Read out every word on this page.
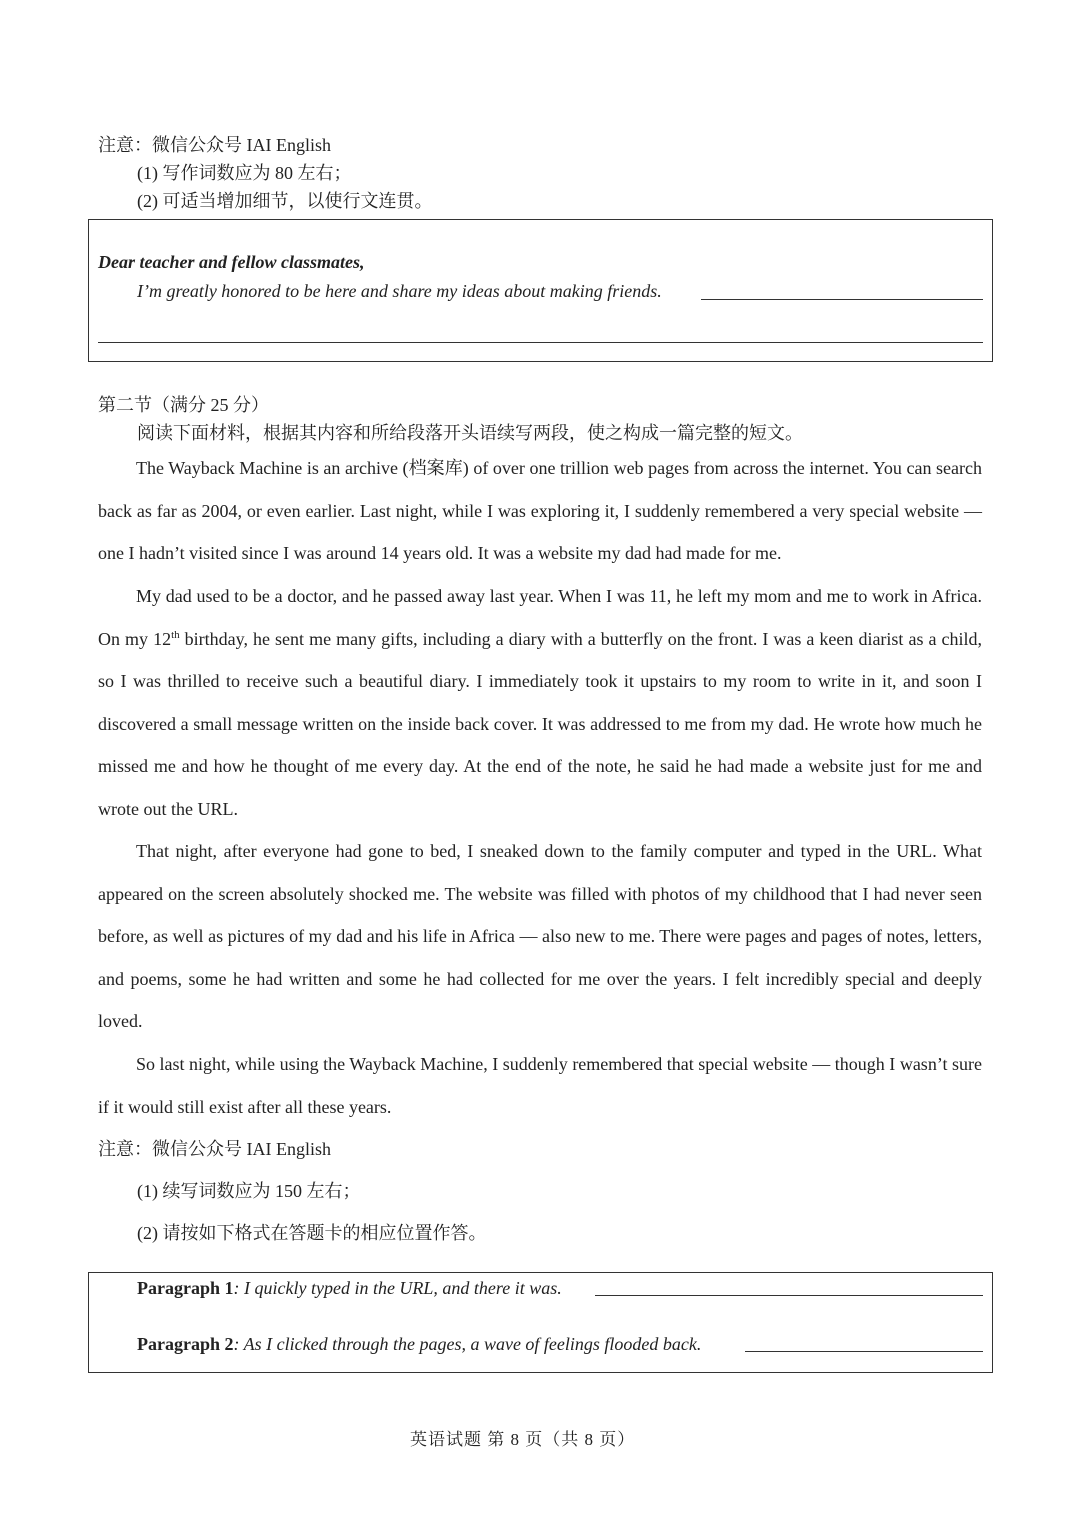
注意：微信公众号 IAI English
(1) 写作词数应为 80 左右；
(2) 可适当增加细节，以使行文连贯。
Dear teacher and fellow classmates,
I’m greatly honored to be here and share my ideas about making friends.
第二节（满分 25 分）
阅读下面材料，根据其内容和所给段落开头语续写两段，使之构成一篇完整的短文。

The Wayback Machine is an archive (档案库) of over one trillion web pages from across the internet. You can search back as far as 2004, or even earlier. Last night, while I was exploring it, I suddenly remembered a very special website — one I hadn’t visited since I was around 14 years old. It was a website my dad had made for me.

My dad used to be a doctor, and he passed away last year. When I was 11, he left my mom and me to work in Africa. On my 12th birthday, he sent me many gifts, including a diary with a butterfly on the front. I was a keen diarist as a child, so I was thrilled to receive such a beautiful diary. I immediately took it upstairs to my room to write in it, and soon I discovered a small message written on the inside back cover. It was addressed to me from my dad. He wrote how much he missed me and how he thought of me every day. At the end of the note, he said he had made a website just for me and wrote out the URL.

That night, after everyone had gone to bed, I sneaked down to the family computer and typed in the URL. What appeared on the screen absolutely shocked me. The website was filled with photos of my childhood that I had never seen before, as well as pictures of my dad and his life in Africa — also new to me. There were pages and pages of notes, letters, and poems, some he had written and some he had collected for me over the years. I felt incredibly special and deeply loved.

So last night, while using the Wayback Machine, I suddenly remembered that special website — though I wasn’t sure if it would still exist after all these years.

注意：微信公众号 IAI English
(1) 续写词数应为 150 左右；
(2) 请按如下格式在答题卡的相应位置作答。
Paragraph 1: I quickly typed in the URL, and there it was.
Paragraph 2: As I clicked through the pages, a wave of feelings flooded back.
英语试题 第 8 页（共 8 页）
